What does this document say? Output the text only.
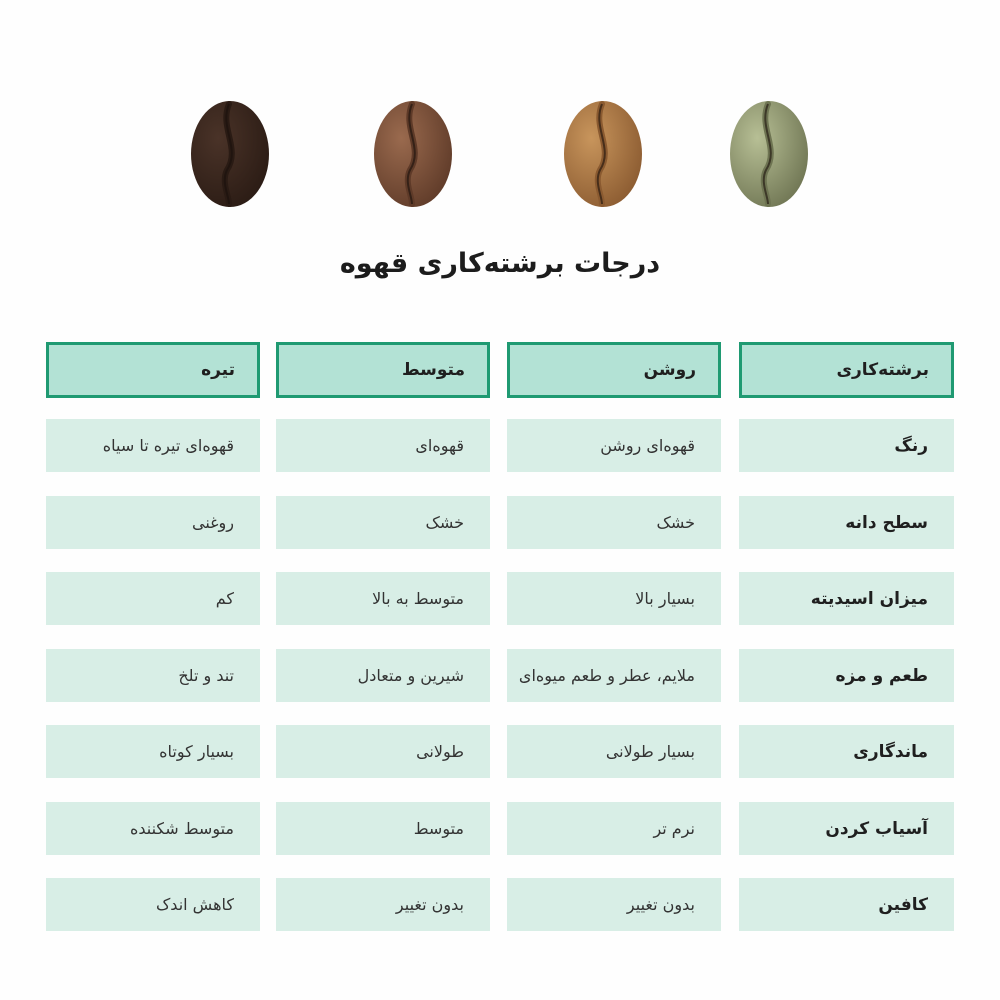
درجات برشته‌کاری قهوه
برشته‌کاری
روشن
متوسط
تیره
رنگ
قهوه‌ای روشن
قهوه‌ای
قهوه‌ای تیره تا سیاه
سطح دانه
خشک
خشک
روغنی
میزان اسیدیته
بسیار بالا
متوسط به بالا
کم
طعم و مزه
ملایم، عطر و طعم میوه‌ای
شیرین و متعادل
تند و تلخ
ماندگاری
بسیار طولانی
طولانی
بسیار کوتاه
آسیاب کردن
نرم تر
متوسط
متوسط شکننده
کافین
بدون تغییر
بدون تغییر
کاهش اندک
